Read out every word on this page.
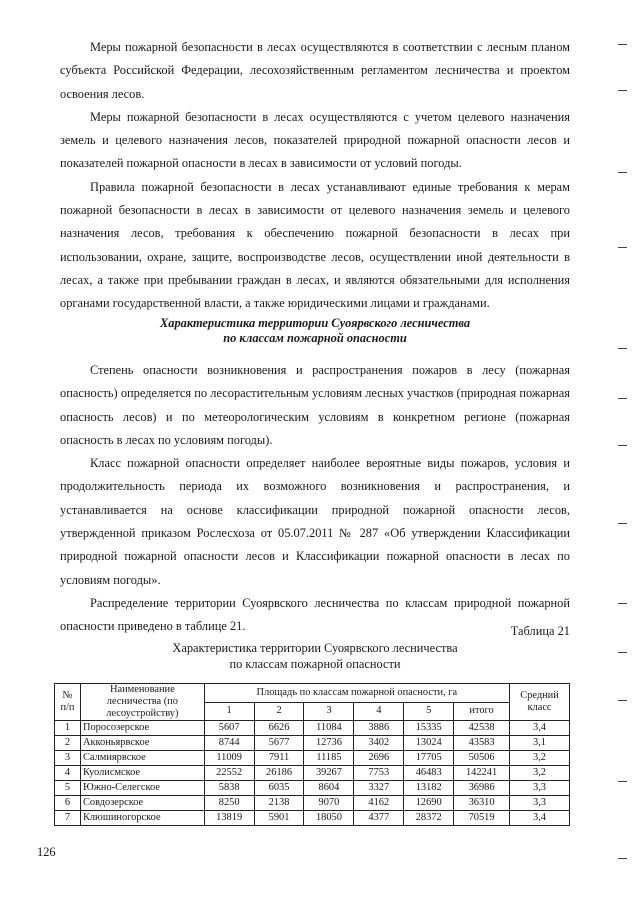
Меры пожарной безопасности в лесах осуществляются в соответствии с лесным планом субъекта Российской Федерации, лесохозяйственным регламентом лесничества и проектом освоения лесов.

Меры пожарной безопасности в лесах осуществляются с учетом целевого назначения земель и целевого назначения лесов, показателей природной пожарной опасности лесов и показателей пожарной опасности в лесах в зависимости от условий погоды.

Правила пожарной безопасности в лесах устанавливают единые требования к мерам пожарной безопасности в лесах в зависимости от целевого назначения земель и целевого назначения лесов, требования к обеспечению пожарной безопасности в лесах при использовании, охране, защите, воспроизводстве лесов, осуществлении иной деятельности в лесах, а также при пребывании граждан в лесах, и являются обязательными для исполнения органами государственной власти, а также юридическими лицами и гражданами.

Характеристика территории Суоярвского лесничества
по классам пожарной опасности

Степень опасности возникновения и распространения пожаров в лесу (пожарная опасность) определяется по лесорастительным условиям лесных участков (природная пожарная опасность лесов) и по метеорологическим условиям в конкретном регионе (пожарная опасность в лесах по условиям погоды).

Класс пожарной опасности определяет наиболее вероятные виды пожаров, условия и продолжительность периода их возможного возникновения и распространения, и устанавливается на основе классификации природной пожарной опасности лесов, утвержденной приказом Рослесхоза от 05.07.2011 № 287 «Об утверждении Классификации природной пожарной опасности лесов и Классификации пожарной опасности в лесах по условиям погоды».

Распределение территории Суоярвского лесничества по классам природной пожарной опасности приведено в таблице 21.	Таблица 21
Характеристика территории Суоярвского лесничества
по классам пожарной опасности
№ п/п	Наименование лесничества (по лесоустройству)	Площадь по классам пожарной опасности, га						Средний класс
		1	2	3	4	5	итого	
1	Поросозерское	5607	6626	11084	3886	15335	42538	3,4
2	Акконьярвское	8744	5677	12736	3402	13024	43583	3,1
3	Салмиярвское	11009	7911	11185	2696	17705	50506	3,2
4	Куолисмское	22552	26186	39267	7753	46483	142241	3,2
5	Южно-Селегское	5838	6035	8604	3327	13182	36986	3,3
6	Совдозерское	8250	2138	9070	4162	12690	36310	3,3
7	Клюшиногорское	13819	5901	18050	4377	28372	70519	3,4
126
